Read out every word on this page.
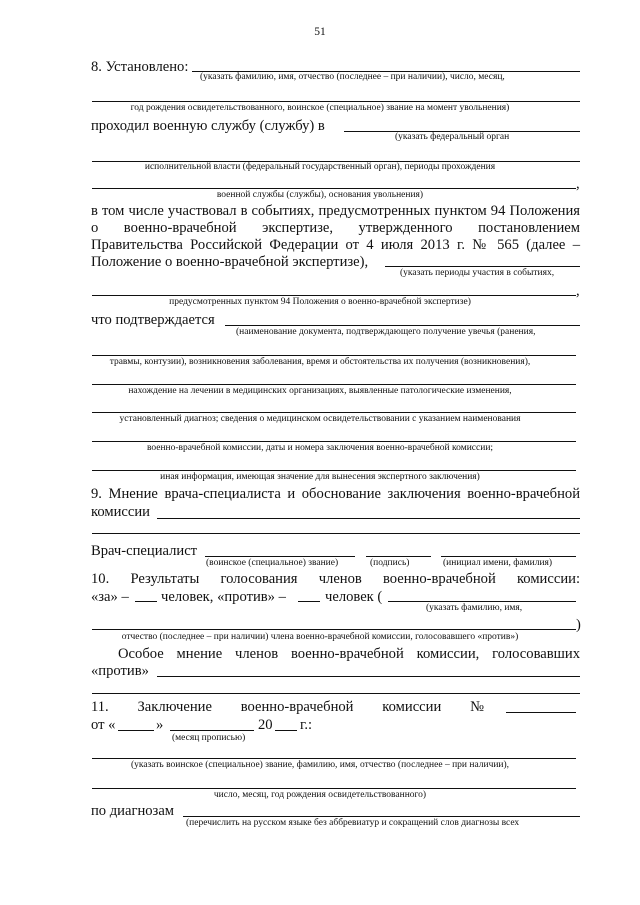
51
8. Установлено:
(указать фамилию, имя, отчество (последнее – при наличии), число, месяц,
год рождения освидетельствованного, воинское (специальное) звание на момент увольнения)
проходил военную службу (службу) в
(указать федеральный орган
исполнительной власти (федеральный государственный орган), периоды прохождения
,
военной службы (службы), основания увольнения)
в том числе участвовал в событиях, предусмотренных пунктом 94 Положения
о военно-врачебной экспертизе, утвержденного постановлением
Правительства Российской Федерации от 4 июля 2013 г. № 565 (далее –
Положение о военно-врачебной экспертизе),
(указать периоды участия в событиях,
,
предусмотренных пунктом 94 Положения о военно-врачебной экспертизе)
что подтверждается
(наименование документа, подтверждающего получение увечья (ранения,
травмы, контузии), возникновения заболевания, время и обстоятельства их получения (возникновения),
нахождение на лечении в медицинских организациях, выявленные патологические изменения,
установленный диагноз; сведения о медицинском освидетельствовании с указанием наименования
военно-врачебной комиссии, даты и номера заключения военно-врачебной комиссии;
иная информация, имеющая значение для вынесения экспертного заключения)
9. Мнение врача-специалиста и обоснование заключения военно-врачебной
комиссии
Врач-специалист
(воинское (специальное) звание)	(подпись)	(инициал имени, фамилия)
10. Результаты голосования членов военно-врачебной комиссии:
«за» – человек, «против» –	человек (
(указать фамилию, имя,
)
отчество (последнее – при наличии) члена военно-врачебной комиссии, голосовавшего «против»)
Особое мнение членов военно-врачебной комиссии, голосовавших
«против»
11. Заключение военно-врачебной комиссии №
от «	»	20 г.:
(месяц прописью)
(указать воинское (специальное) звание, фамилию, имя, отчество (последнее – при наличии),
число, месяц, год рождения освидетельствованного)
по диагнозам
(перечислить на русском языке без аббревиатур и сокращений слов диагнозы всех
